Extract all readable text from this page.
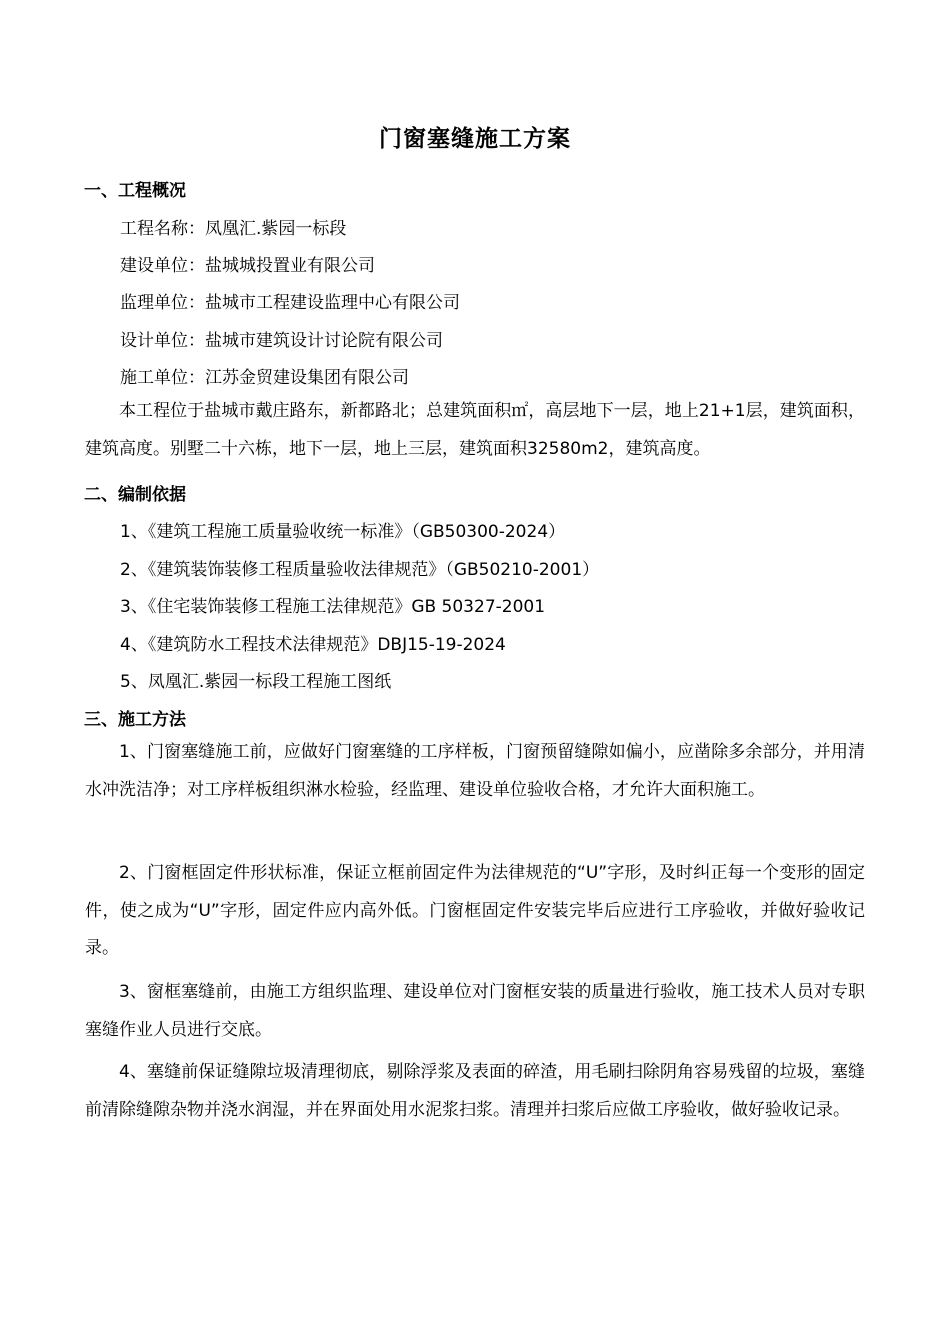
门窗塞缝施工方案
一、工程概况
工程名称：凤凰汇.紫园一标段
建设单位：盐城城投置业有限公司
监理单位：盐城市工程建设监理中心有限公司
设计单位：盐城市建筑设计讨论院有限公司
施工单位：江苏金贸建设集团有限公司

本工程位于盐城市戴庄路东，新都路北；总建筑面积㎡，高层地下一层，地上21+1层，建筑面积，建筑高度。别墅二十六栋，地下一层，地上三层，建筑面积32580m2，建筑高度。

二、编制依据
1、《建筑工程施工质量验收统一标准》（GB50300-2024）
2、《建筑装饰装修工程质量验收法律规范》（GB50210-2001）
3、《住宅装饰装修工程施工法律规范》GB 50327-2001
4、《建筑防水工程技术法律规范》DBJ15-19-2024
5、凤凰汇.紫园一标段工程施工图纸
三、施工方法

1、门窗塞缝施工前，应做好门窗塞缝的工序样板，门窗预留缝隙如偏小，应凿除多余部分，并用清水冲洗洁净；对工序样板组织淋水检验，经监理、建设单位验收合格，才允许大面积施工。

2、门窗框固定件形状标准，保证立框前固定件为法律规范的“U”字形，及时纠正每一个变形的固定件，使之成为“U”字形，固定件应内高外低。门窗框固定件安装完毕后应进行工序验收，并做好验收记录。

3、窗框塞缝前，由施工方组织监理、建设单位对门窗框安装的质量进行验收，施工技术人员对专职塞缝作业人员进行交底。

4、塞缝前保证缝隙垃圾清理彻底，剔除浮浆及表面的碎渣，用毛刷扫除阴角容易残留的垃圾，塞缝前清除缝隙杂物并浇水润湿，并在界面处用水泥浆扫浆。清理并扫浆后应做工序验收，做好验收记录。
